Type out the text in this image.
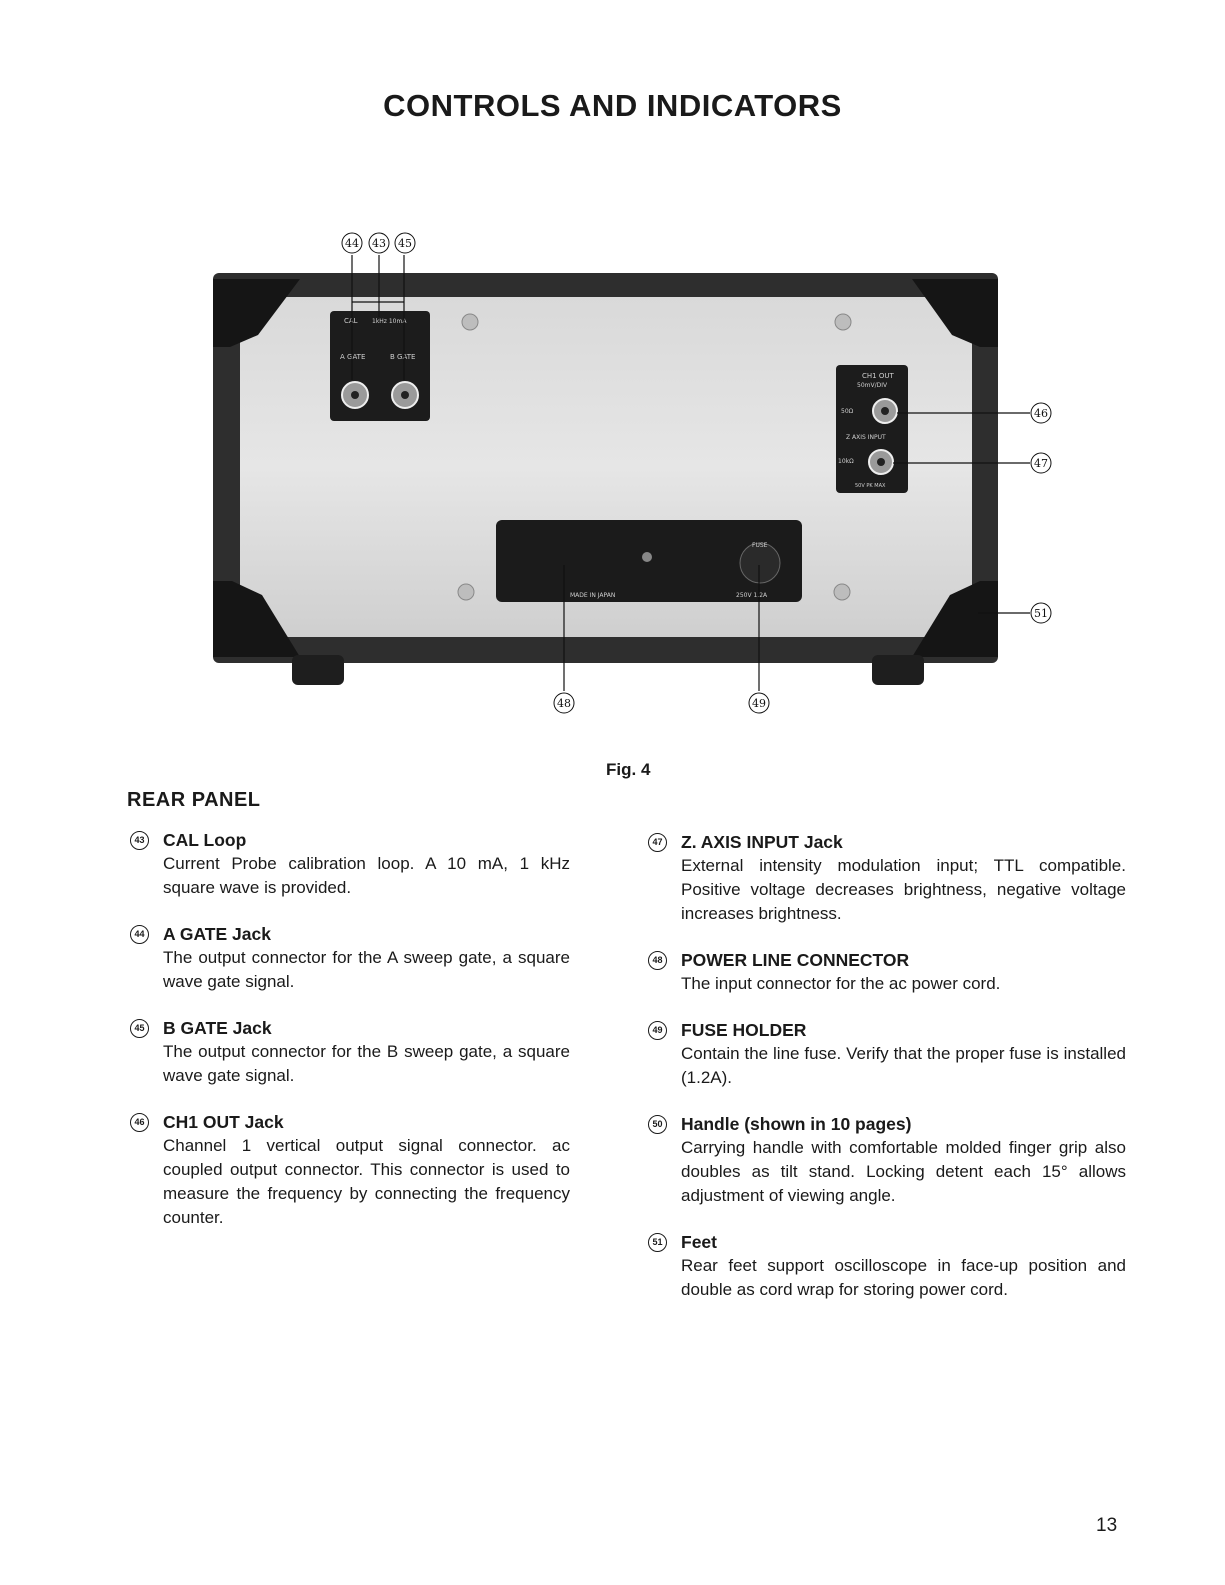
CONTROLS AND INDICATORS
CAL 1kHz 10mA
A GATE	B GATE
CH1 OUT
50mV/DIV
50Ω
Z AXIS INPUT
10kΩ
50V PK MAX
MADE IN JAPAN
FUSE
250V 1.2A
44 43 45
46
47
51
48	49
Fig. 4
REAR PANEL
43 CAL Loop
Current Probe calibration loop. A 10 mA, 1 kHz square wave is provided.
44 A GATE Jack
The output connector for the A sweep gate, a square wave gate signal.
45 B GATE Jack
The output connector for the B sweep gate, a square wave gate signal.
46 CH1 OUT Jack
Channel 1 vertical output signal connector. ac coupled output connector. This connector is used to measure the frequency by connecting the frequency counter.
47 Z. AXIS INPUT Jack
External intensity modulation input; TTL compatible. Positive voltage decreases brightness, negative voltage increases brightness.
48 POWER LINE CONNECTOR
The input connector for the ac power cord.
49 FUSE HOLDER
Contain the line fuse. Verify that the proper fuse is installed (1.2A).
50 Handle (shown in 10 pages)
Carrying handle with comfortable molded finger grip also doubles as tilt stand. Locking detent each 15° allows adjustment of viewing angle.
51 Feet
Rear feet support oscilloscope in face-up position and double as cord wrap for storing power cord.
13
